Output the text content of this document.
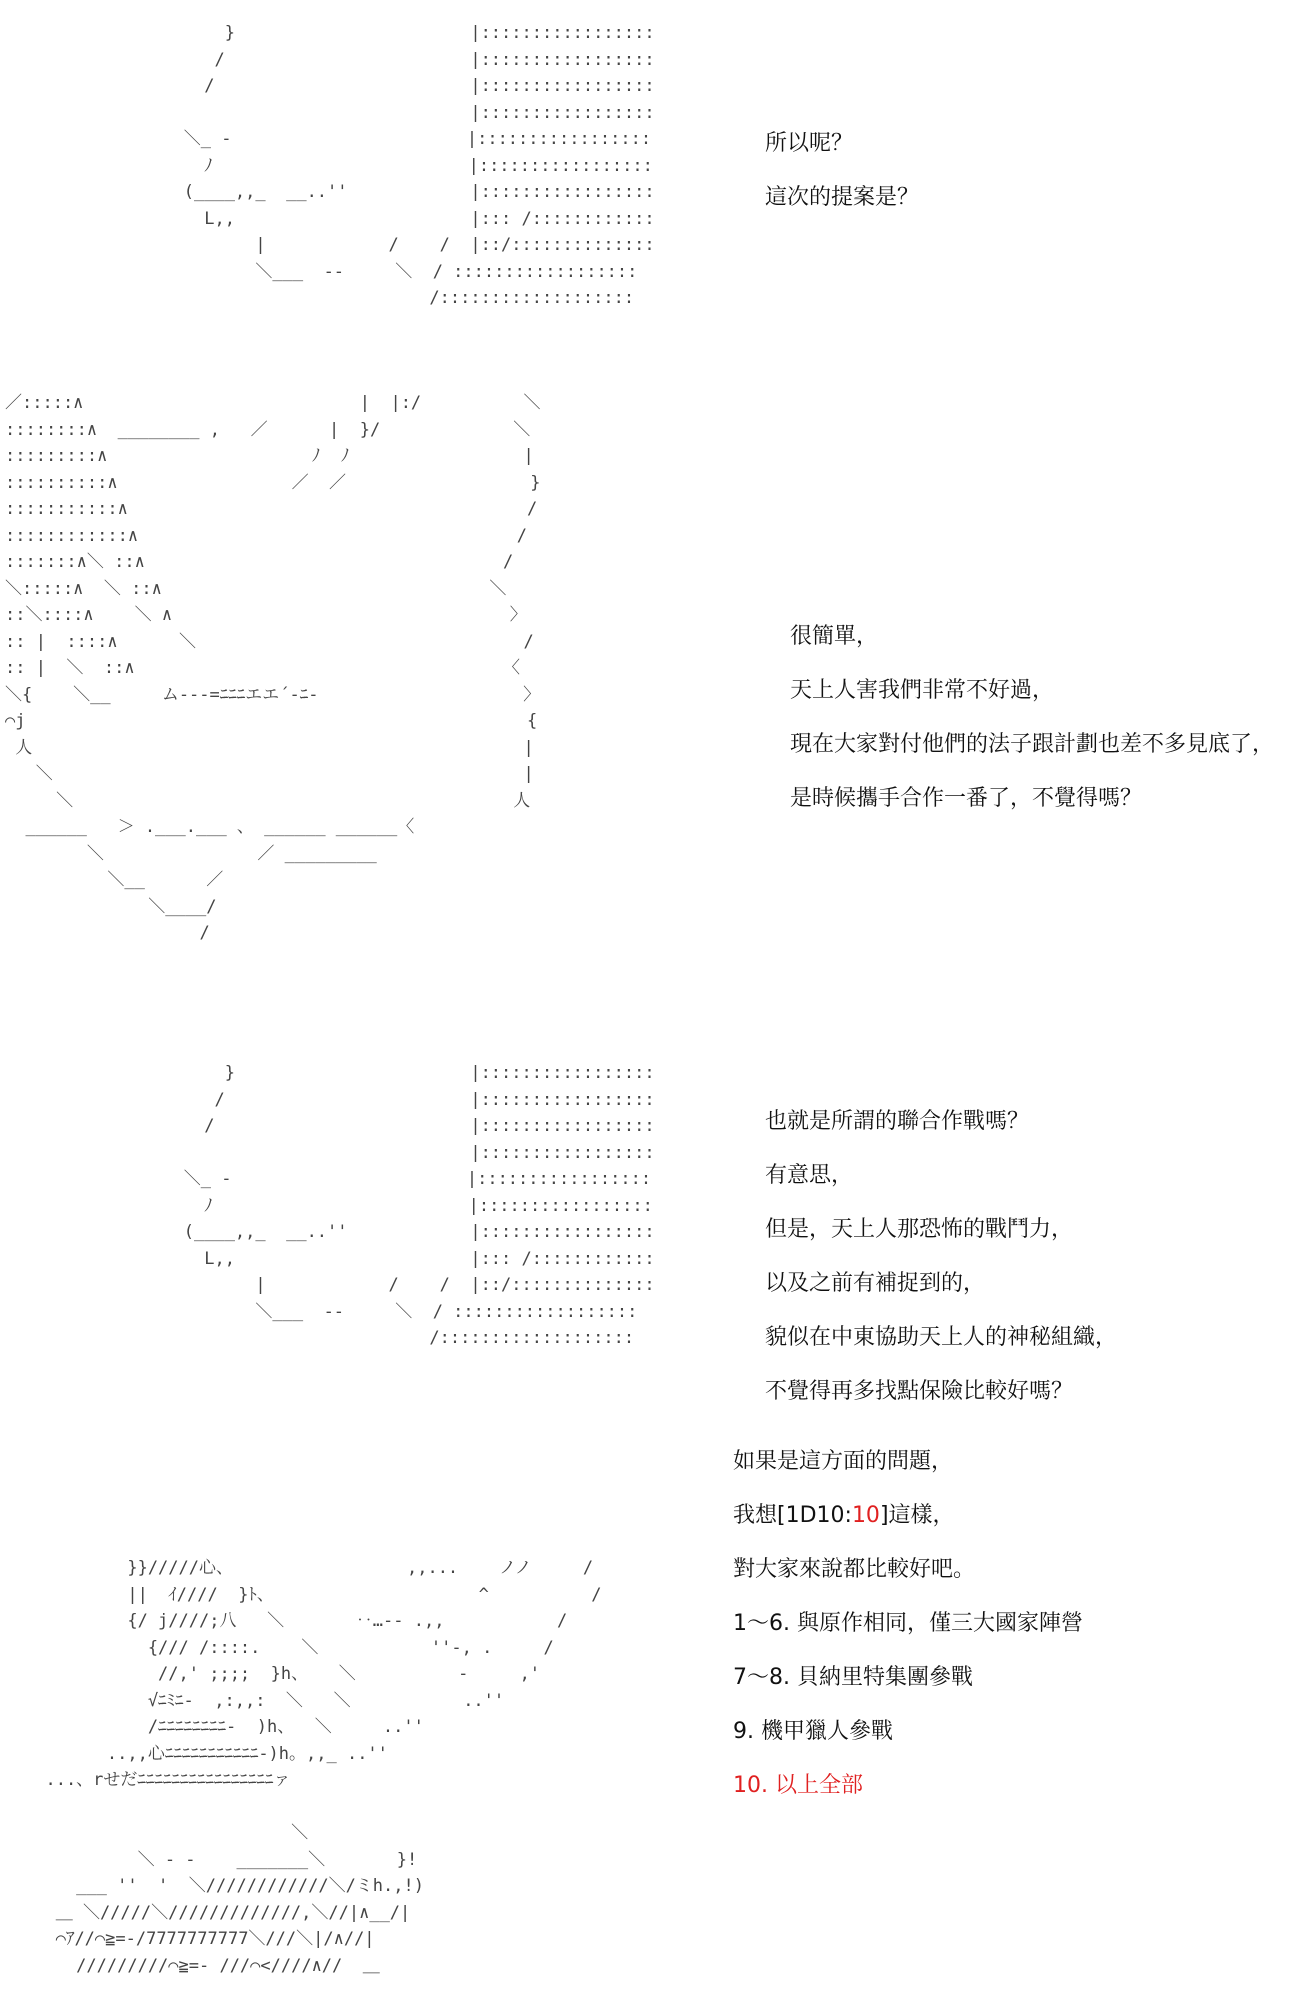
}                       |:::::::::::::::::
/                        |:::::::::::::::::
/                         |:::::::::::::::::
|:::::::::::::::::
＼_ -                       |:::::::::::::::::
ﾉ                         |:::::::::::::::::
(____,,_  __..''            |:::::::::::::::::
L,,                       |::: /::::::::::::
|            /    /  |::/::::::::::::::
＼___  --     ＼  / ::::::::::::::::::
/:::::::::::::::::::
所以呢？
這次的提案是？
／:::::∧                           |  |:/          ＼
::::::::∧  ________ ,   ／      |  }/             ＼
:::::::::∧                    ﾉ  ﾉ                 |
::::::::::∧                 ／  ／                  }
:::::::::::∧                                       /
::::::::::::∧                                     /
:::::::∧＼ ::∧                                   /
＼:::::∧  ＼ ::∧                                ＼
::＼::::∧    ＼ ∧                                 〉
:: |  ::::∧      ＼                                /
:: |  ＼  ::∧                                    〈
＼{    ＼__     ム‐‐‐=ﾆﾆﾆエエ´‐ﾆ‐                    〉
⌒j                                                 {
人                                                |
＼                                              |
＼                                           人
______   ＞ .___.___ 、 ______ ______〈
＼               ／ _________
＼__      ／
＼____/
/
很簡單，
天上人害我們非常不好過，
現在大家對付他們的法子跟計劃也差不多見底了，
是時候攜手合作一番了，不覺得嗎？
}                       |:::::::::::::::::
/                        |:::::::::::::::::
/                         |:::::::::::::::::
|:::::::::::::::::
＼_ -                       |:::::::::::::::::
ﾉ                         |:::::::::::::::::
(____,,_  __..''            |:::::::::::::::::
L,,                       |::: /::::::::::::
|            /    /  |::/::::::::::::::
＼___  --     ＼  / ::::::::::::::::::
/:::::::::::::::::::
也就是所謂的聯合作戰嗎？
有意思，
但是，天上人那恐怖的戰鬥力，
以及之前有補捉到的，
貌似在中東協助天上人的神秘組織，
不覺得再多找點保險比較好嗎？
}}/////心、                 ,,...    ノノ     /
||  ｲ////  }ﾄ、                    ^          /
{/ j////;八   ＼       ‥…-- .,,           /
{/// /::::.    ＼           ''-, .     /
//,' ;;;;  }h、   ＼          -     ,'
√ﾆﾐﾆ-  ,:,,:  ＼   ＼           ..''
/ﾆﾆﾆﾆﾆﾆﾆﾆ-  )h、  ＼     ..''
..,,心ﾆﾆﾆﾆﾆﾆﾆﾆﾆﾆﾆ-)h。,,_ ..''
...、rせだﾆﾆﾆﾆﾆﾆﾆﾆﾆﾆﾆﾆﾆﾆﾆﾆァ

＼
＼ ‐ ‐    _______＼       }!
___ ''  '  ＼////////////＼/ミh.,!)
＿ ＼/////＼/////////////,＼//|∧__/|
⌒ｱ//⌒≧=-/7777777777＼///＼|/∧//|
/////////⌒≧=- ///⌒<////∧//  ＿
如果是這方面的問題，
我想[1D10:10]這樣，
對大家來說都比較好吧。
1～6. 與原作相同，僅三大國家陣營
7～8. 貝納里特集團參戰
9. 機甲獵人參戰
10. 以上全部
